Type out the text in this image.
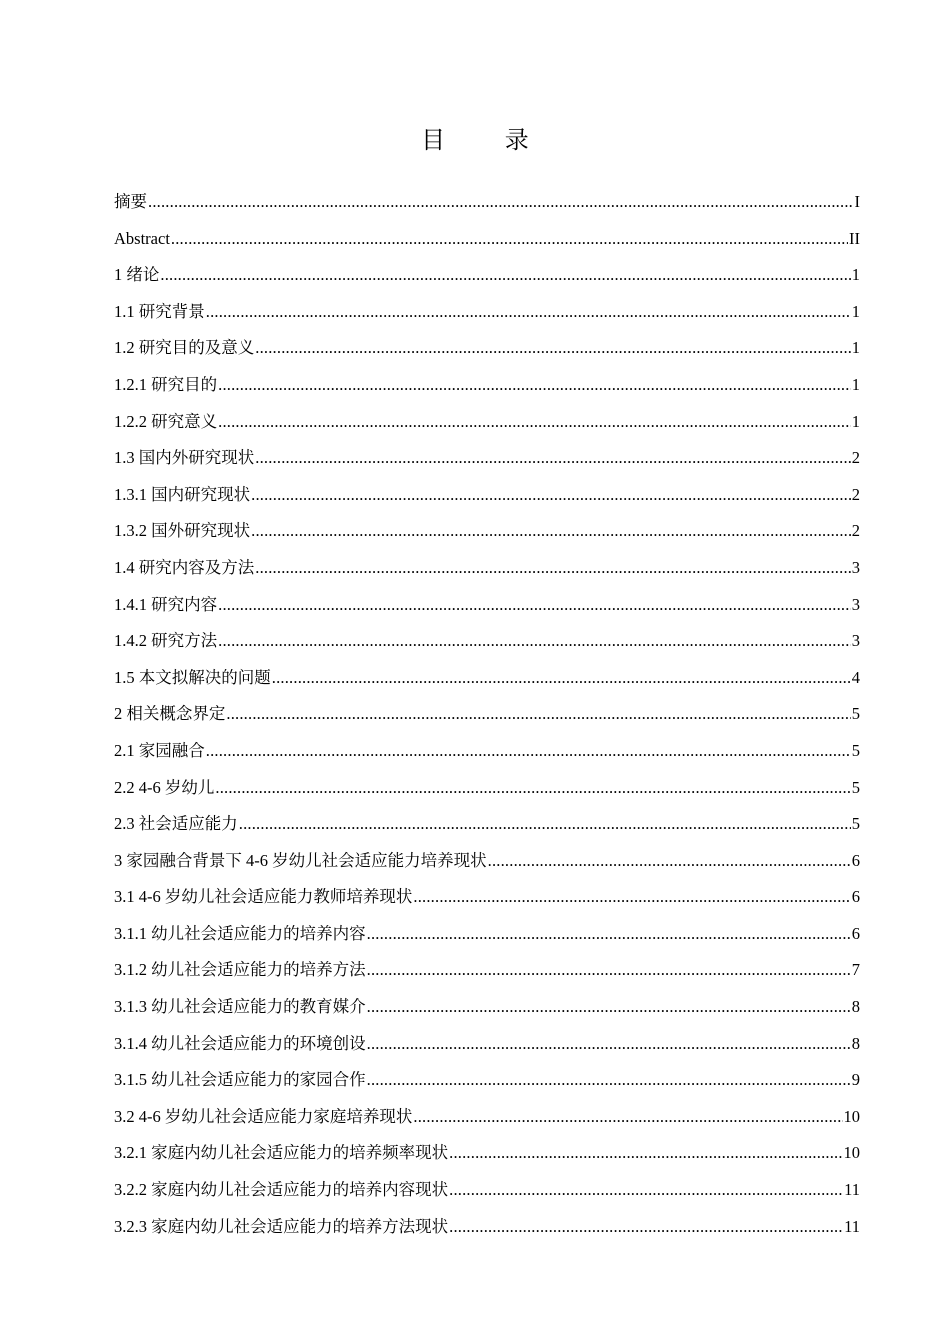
目 录
摘要 .....	I
Abstract .....	II
1 绪论 .....	1
1.1 研究背景 .....	1
1.2 研究目的及意义 .....	1
1.2.1 研究目的 .....	1
1.2.2 研究意义 .....	1
1.3 国内外研究现状 .....	2
1.3.1 国内研究现状 .....	2
1.3.2 国外研究现状 .....	2
1.4 研究内容及方法 .....	3
1.4.1 研究内容 .....	3
1.4.2 研究方法 .....	3
1.5 本文拟解决的问题 .....	4
2 相关概念界定 .....	5
2.1 家园融合 .....	5
2.2 4-6 岁幼儿 .....	5
2.3 社会适应能力 .....	5
3 家园融合背景下 4-6 岁幼儿社会适应能力培养现状 .....	6
3.1 4-6 岁幼儿社会适应能力教师培养现状 .....	6
3.1.1 幼儿社会适应能力的培养内容 .....	6
3.1.2 幼儿社会适应能力的培养方法 .....	7
3.1.3 幼儿社会适应能力的教育媒介 .....	8
3.1.4 幼儿社会适应能力的环境创设 .....	8
3.1.5 幼儿社会适应能力的家园合作 .....	9
3.2 4-6 岁幼儿社会适应能力家庭培养现状 .....	10
3.2.1 家庭内幼儿社会适应能力的培养频率现状 .....	10
3.2.2 家庭内幼儿社会适应能力的培养内容现状 .....	11
3.2.3 家庭内幼儿社会适应能力的培养方法现状 .....	11
